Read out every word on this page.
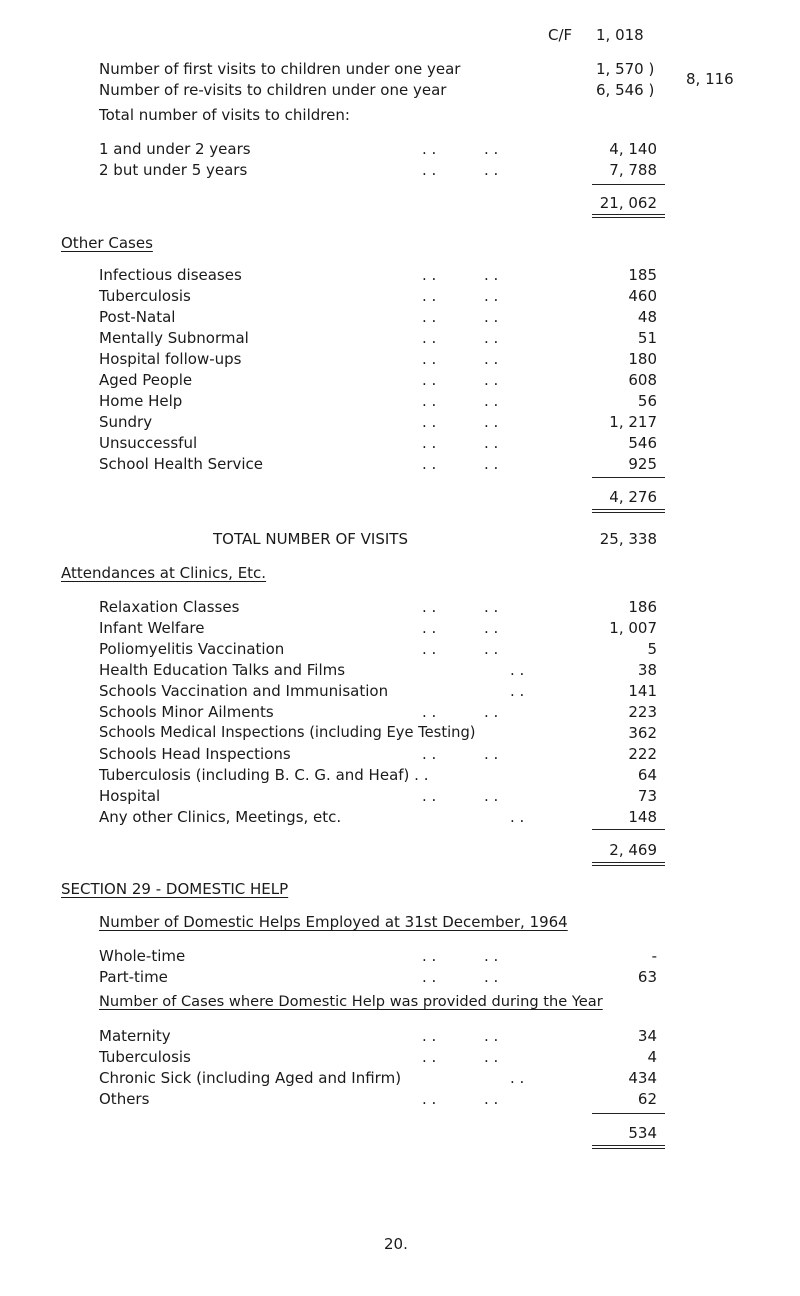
C/F 1, 018
Number of first visits to children under one year	1, 570 )
Number of re-visits to children under one year	6, 546 )
8, 116
Total number of visits to children:
1 and under 2 years	. .          . .	4, 140
2 but under 5 years	. .          . .	7, 788
21, 062
Other Cases
Infectious diseases	. .          . .	185
Tuberculosis	. .          . .	460
Post-Natal	. .          . .	48
Mentally Subnormal	. .          . .	51
Hospital follow-ups	. .          . .	180
Aged People	. .          . .	608
Home Help	. .          . .	56
Sundry	. .          . .	1, 217
Unsuccessful	. .          . .	546
School Health Service	. .          . .	925
4, 276
TOTAL NUMBER OF VISITS	25, 338
Attendances at Clinics, Etc.
Relaxation Classes	. .          . .	186
Infant Welfare	. .          . .	1, 007
Poliomyelitis Vaccination	. .          . .	5
Health Education Talks and Films	. .	38
Schools Vaccination and Immunisation	. .	141
Schools Minor Ailments	. .          . .	223
Schools Medical Inspections (including Eye Testing)	362
Schools Head Inspections	. .          . .	222
Tuberculosis (including B. C. G. and Heaf) . .	64
Hospital	. .          . .	73
Any other Clinics, Meetings, etc.	. .	148
2, 469
SECTION 29 - DOMESTIC HELP
Number of Domestic Helps Employed at 31st December, 1964
Whole-time	. .          . .	-
Part-time	. .          . .	63
Number of Cases where Domestic Help was provided during the Year
Maternity	. .          . .	34
Tuberculosis	. .          . .	4
Chronic Sick (including Aged and Infirm)	. .	434
Others	. .          . .	62
534
20.
